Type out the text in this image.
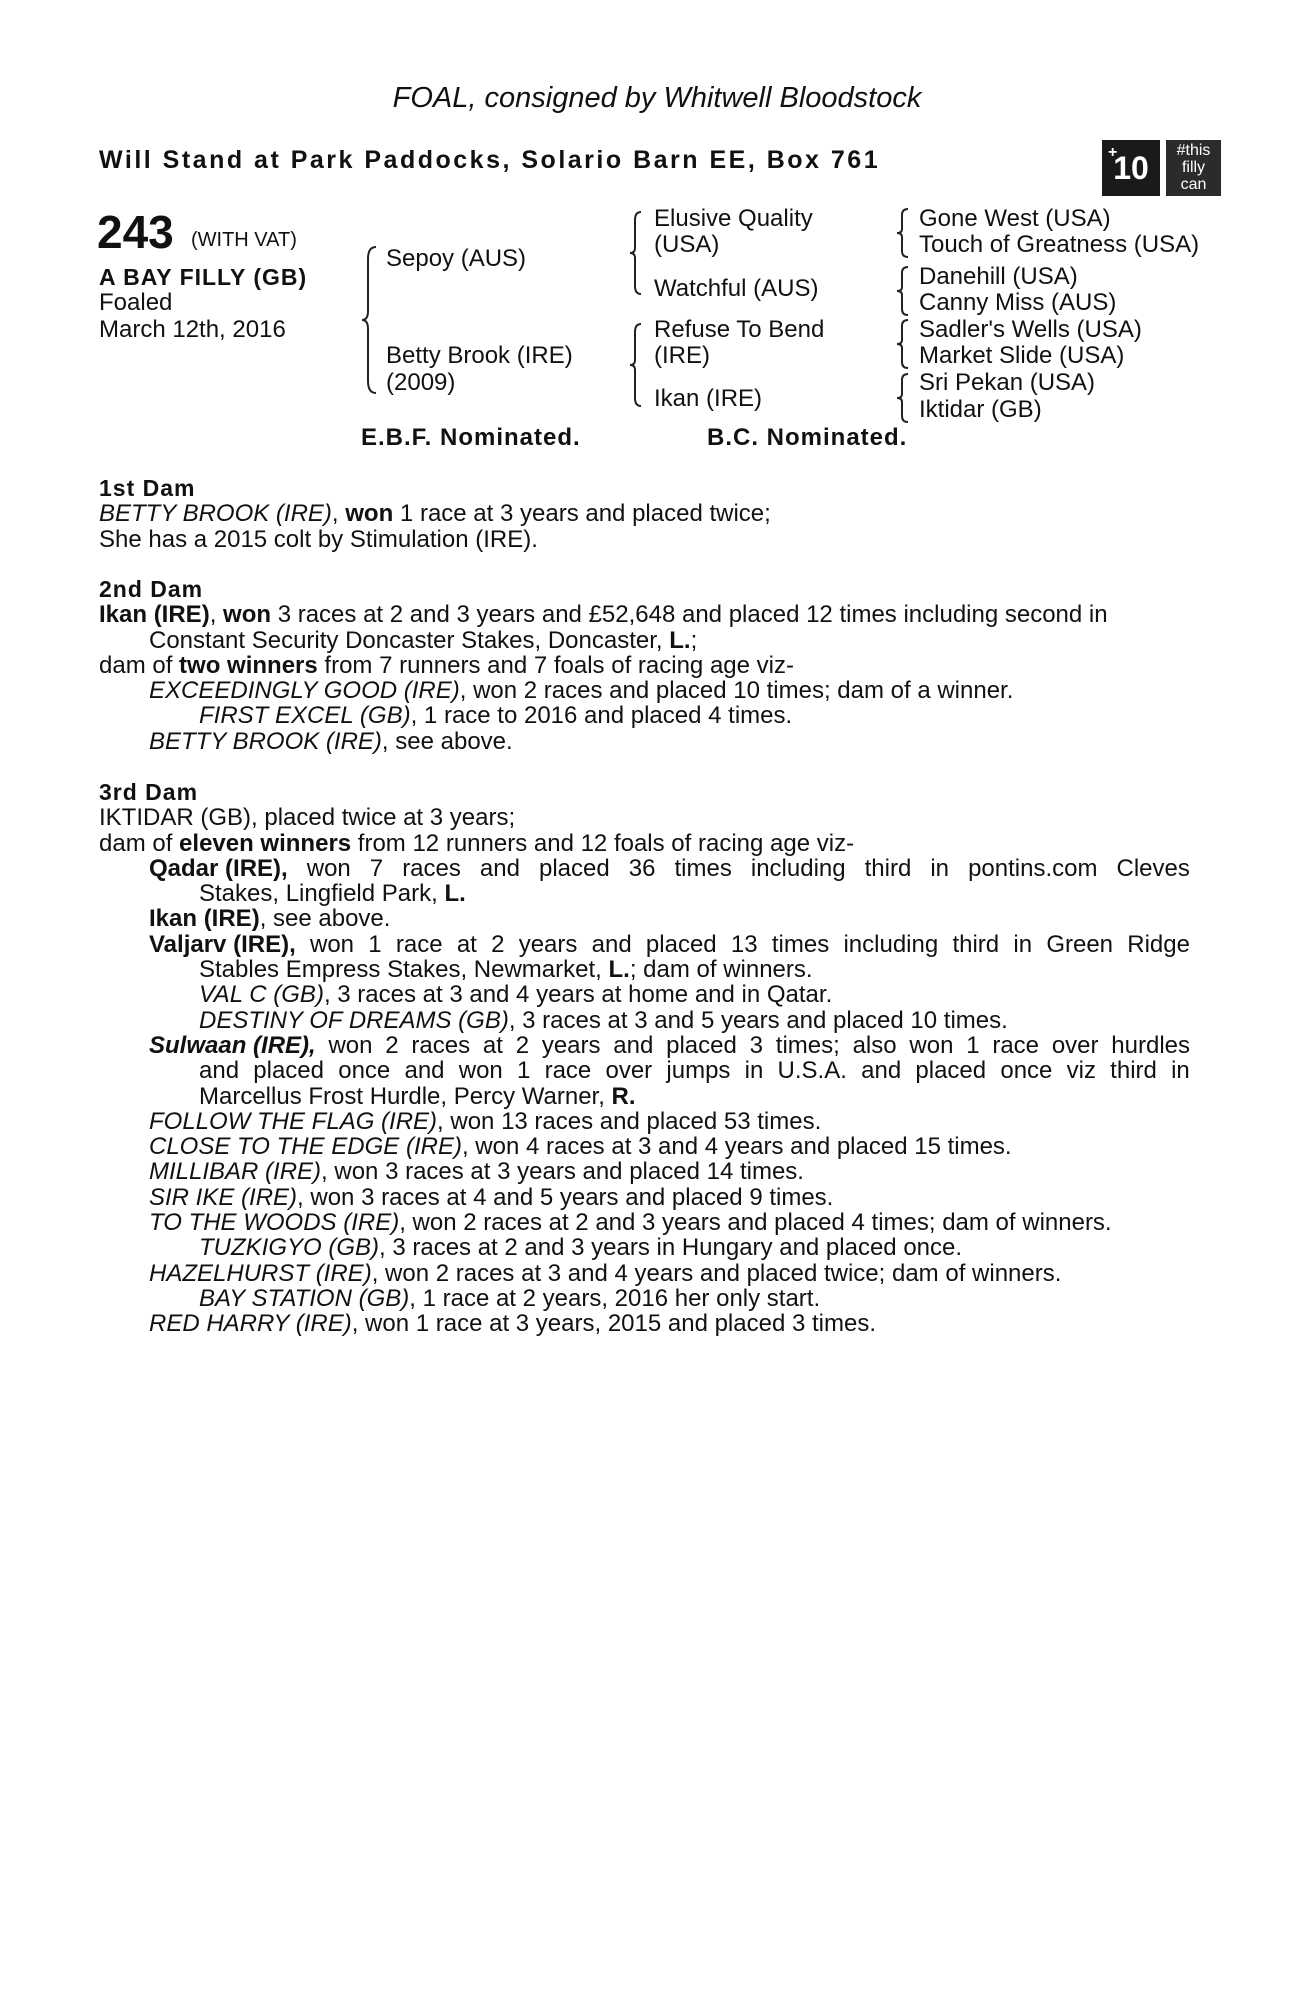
FOAL, consigned by Whitwell Bloodstock
Will Stand at Park Paddocks, Solario Barn EE, Box 761	+
10	#this
filly
can
243 (WITH VAT)
A BAY FILLY (GB)
Foaled
March 12th, 2016
Sepoy (AUS)
Betty Brook (IRE)
(2009)
Elusive Quality
(USA)
Watchful (AUS)
Refuse To Bend
(IRE)
Ikan (IRE)
Gone West (USA)
Touch of Greatness (USA)
Danehill (USA)
Canny Miss (AUS)
Sadler's Wells (USA)
Market Slide (USA)
Sri Pekan (USA)
Iktidar (GB)
E.B.F. Nominated.	B.C. Nominated.
1st Dam
BETTY BROOK (IRE), won 1 race at 3 years and placed twice;
She has a 2015 colt by Stimulation (IRE).
2nd Dam
Ikan (IRE), won 3 races at 2 and 3 years and £52,648 and placed 12 times including second in
Constant Security Doncaster Stakes, Doncaster, L.;
dam of two winners from 7 runners and 7 foals of racing age viz-
EXCEEDINGLY GOOD (IRE), won 2 races and placed 10 times; dam of a winner.
FIRST EXCEL (GB), 1 race to 2016 and placed 4 times.
BETTY BROOK (IRE), see above.
3rd Dam
IKTIDAR (GB), placed twice at 3 years;
dam of eleven winners from 12 runners and 12 foals of racing age viz-
Qadar (IRE), won 7 races and placed 36 times including third in pontins.com Cleves
Stakes, Lingfield Park, L.
Ikan (IRE), see above.
Valjarv (IRE), won 1 race at 2 years and placed 13 times including third in Green Ridge
Stables Empress Stakes, Newmarket, L.; dam of winners.
VAL C (GB), 3 races at 3 and 4 years at home and in Qatar.
DESTINY OF DREAMS (GB), 3 races at 3 and 5 years and placed 10 times.
Sulwaan (IRE), won 2 races at 2 years and placed 3 times; also won 1 race over hurdles
and placed once and won 1 race over jumps in U.S.A. and placed once viz third in
Marcellus Frost Hurdle, Percy Warner, R.
FOLLOW THE FLAG (IRE), won 13 races and placed 53 times.
CLOSE TO THE EDGE (IRE), won 4 races at 3 and 4 years and placed 15 times.
MILLIBAR (IRE), won 3 races at 3 years and placed 14 times.
SIR IKE (IRE), won 3 races at 4 and 5 years and placed 9 times.
TO THE WOODS (IRE), won 2 races at 2 and 3 years and placed 4 times; dam of winners.
TUZKIGYO (GB), 3 races at 2 and 3 years in Hungary and placed once.
HAZELHURST (IRE), won 2 races at 3 and 4 years and placed twice; dam of winners.
BAY STATION (GB), 1 race at 2 years, 2016 her only start.
RED HARRY (IRE), won 1 race at 3 years, 2015 and placed 3 times.
